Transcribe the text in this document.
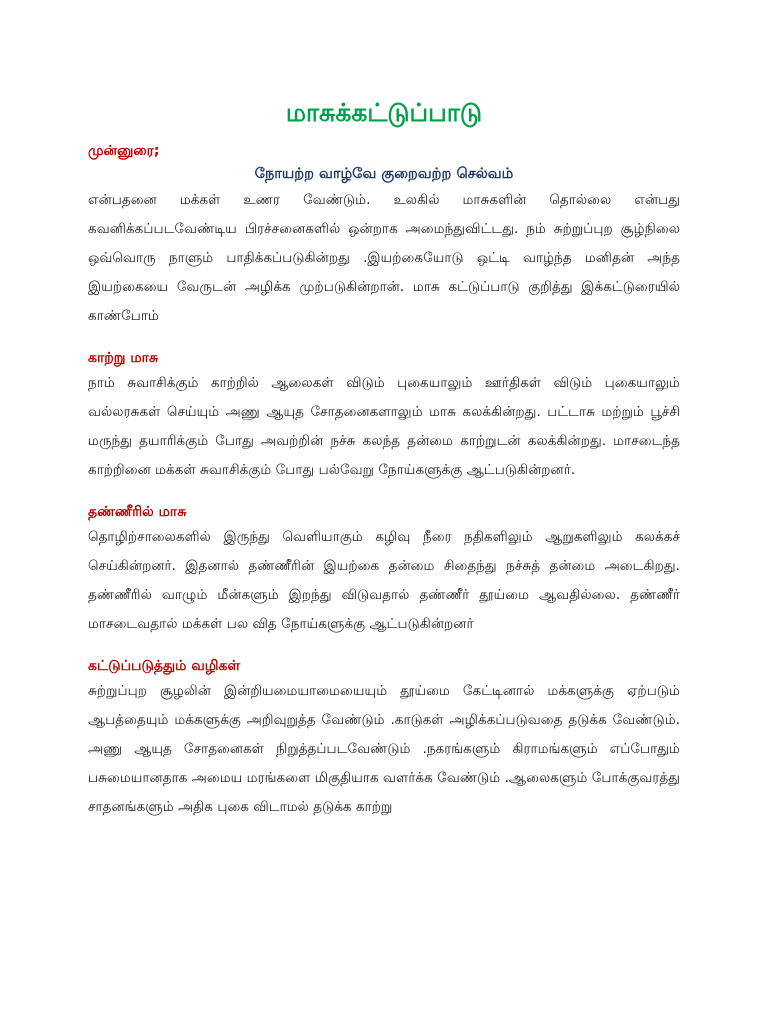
மாசுக்கட்டுப்பாடு
முன்னுரை;
நோயற்ற வாழ்வே குறைவற்ற செல்வம்

என்பதனை மக்கள் உணர வேண்டும். உலகில் மாசுகளின் தொல்லை என்பது கவனிக்கப்படவேண்டிய பிரச்சனைகளில் ஒன்றாக அமைந்துவிட்டது. நம் சுற்றுப்புற சூழ்நிலை ஒவ்வொரு நாளும் பாதிக்கப்படுகின்றது .இயற்கையோடு ஒட்டி வாழ்ந்த மனிதன் அந்த இயற்கையை வேருடன் அழிக்க முற்படுகின்றான். மாசு கட்டுப்பாடு குறித்து இக்கட்டுரையில் காண்போம்

காற்று மாசு

நாம் சுவாசிக்கும் காற்றில் ஆலைகள் விடும் புகையாலும் ஊர்திகள் விடும் புகையாலும் வல்லரசுகள் செய்யும் அணு ஆயுத சோதனைகளாலும் மாசு கலக்கின்றது. பட்டாசு மற்றும் பூச்சி மருந்து தயாரிக்கும் போது அவற்றின் நச்சு கலந்த தன்மை காற்றுடன் கலக்கின்றது. மாசடைந்த காற்றினை மக்கள் சுவாசிக்கும் போது பல்வேறு நோய்களுக்கு ஆட்படுகின்றனர்.

தண்ணீரில் மாசு

தொழிற்சாலைகளில் இருந்து வெளியாகும் கழிவு நீரை நதிகளிலும் ஆறுகளிலும் கலக்கச் செய்கின்றனர். இதனால் தண்ணீரின் இயற்கை தன்மை சிதைந்து நச்சுத் தன்மை அடைகிறது. தண்ணீரில் வாழும் மீன்களும் இறந்து விடுவதால் தண்ணீர் தூய்மை ஆவதில்லை. தண்ணீர் மாசடைவதால் மக்கள் பல வித நோய்களுக்கு ஆட்படுகின்றனர்

கட்டுப்படுத்தும் வழிகள்

சுற்றுப்புற சூழலின் இன்றியமையாமையையும் தூய்மை கேட்டினால் மக்களுக்கு ஏற்படும் ஆபத்தையும் மக்களுக்கு அறிவுறுத்த வேண்டும் .காடுகள் அழிக்கப்படுவதை தடுக்க வேண்டும். அணு ஆயுத சோதனைகள் நிறுத்தப்படவேண்டும் .நகரங்களும் கிராமங்களும் எப்போதும் பசுமையானதாக அமைய மரங்களை மிகுதியாக வளர்க்க வேண்டும் .ஆலைகளும் போக்குவரத்து சாதனங்களும் அதிக புகை விடாமல் தடுக்க காற்று
